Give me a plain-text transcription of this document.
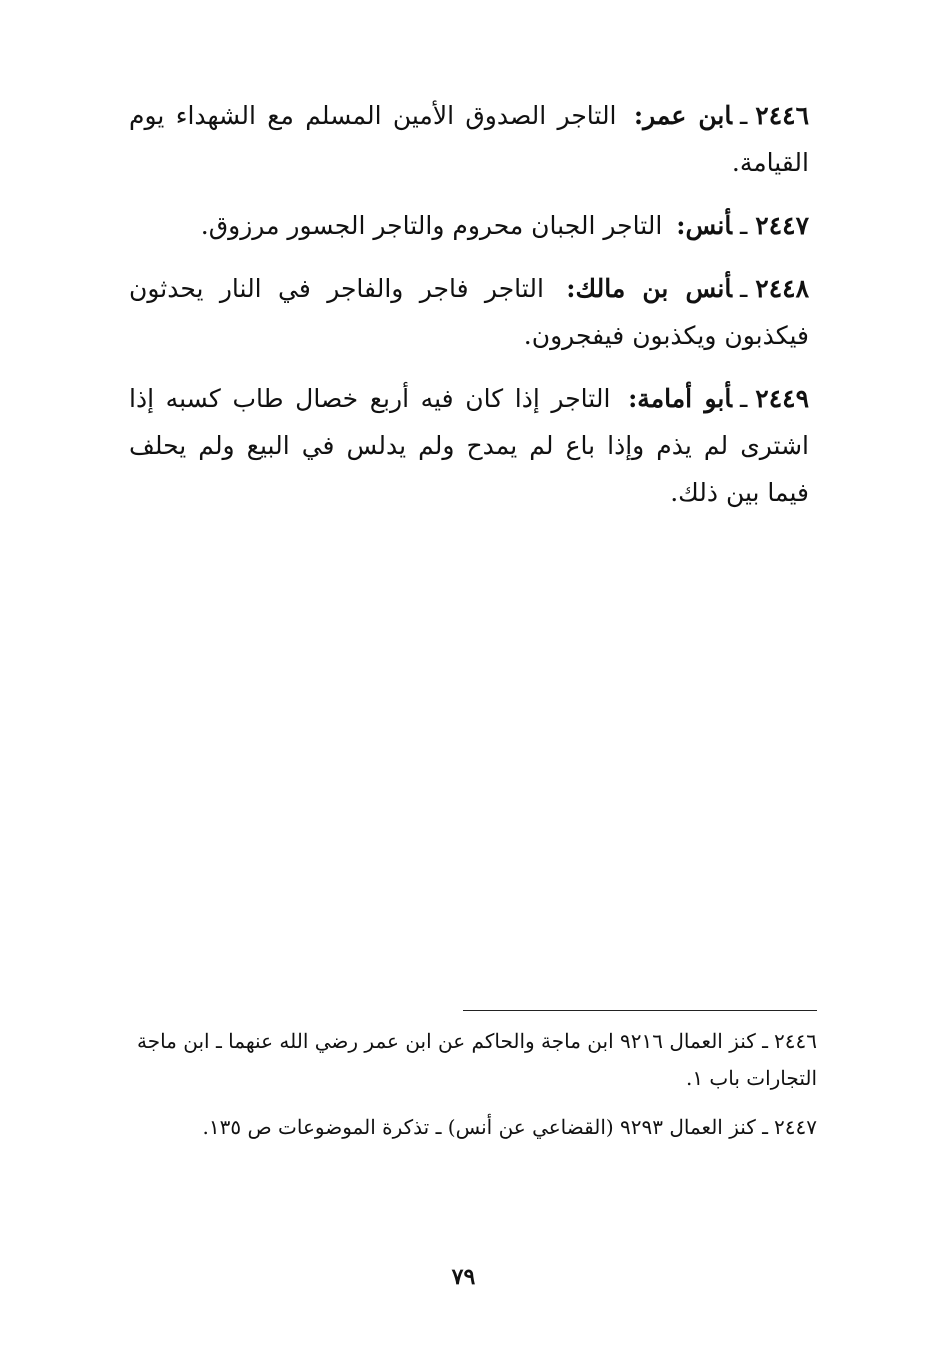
٢٤٤٦ـابن عمر: التاجر الصدوق الأمين المسلم مع الشهداء يوم القيامة.

٢٤٤٧ـأنس: التاجر الجبان محروم والتاجر الجسور مرزوق.

٢٤٤٨ـأنس بن مالك: التاجر فاجر والفاجر في النار يحدثون فيكذبون ويكذبون فيفجرون.

٢٤٤٩ـأبو أمامة: التاجر إذا كان فيه أربع خصال طاب كسبه إذا اشترى لم يذم وإذا باع لم يمدح ولم يدلس في البيع ولم يحلف فيما بين ذلك.

٢٤٤٦ـ كنز العمال ٩٢١٦ ابن ماجة والحاكم عن ابن عمر رضي الله عنهما ـ ابن ماجة التجارات باب ١.

٢٤٤٧ـ كنز العمال ٩٢٩٣ (القضاعي عن أنس) ـ تذكرة الموضوعات ص ١٣٥.

٧٩
